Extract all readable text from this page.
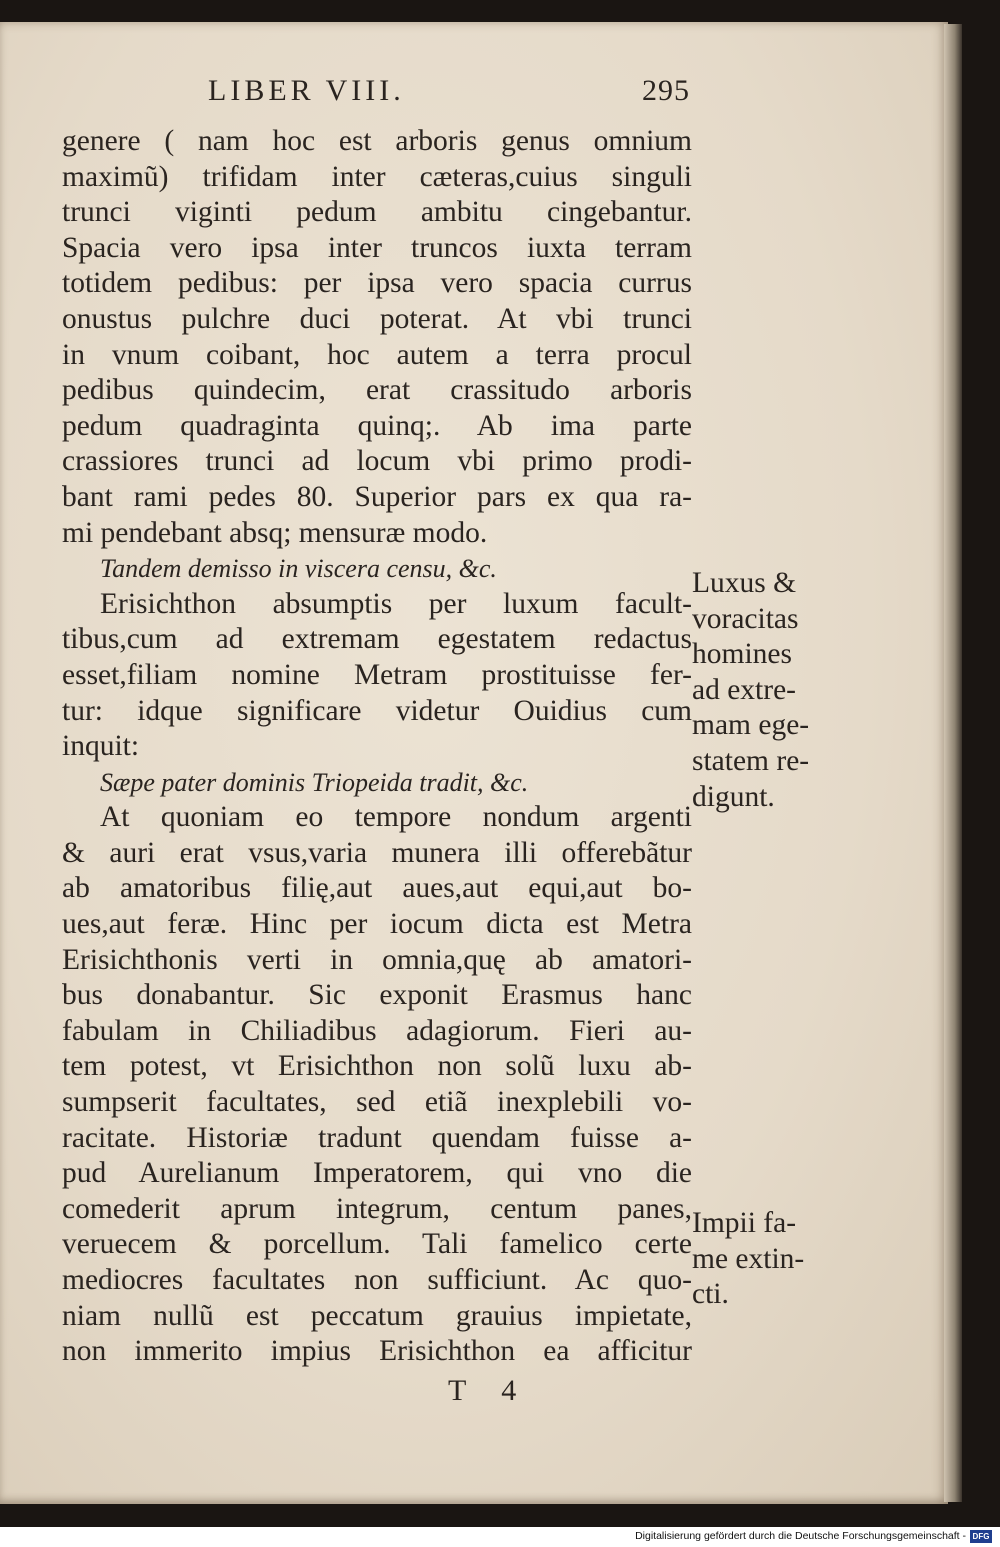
LIBER VIII.	295
genere ( nam hoc est arboris genus omnium
maximũ) trifidam inter cæteras,cuius singuli
trunci viginti pedum ambitu cingebantur.
Spacia vero ipsa inter truncos iuxta terram
totidem pedibus: per ipsa vero spacia currus
onustus pulchre duci poterat. At vbi trunci
in vnum coibant, hoc autem a terra procul
pedibus quindecim, erat crassitudo arboris
pedum quadraginta quinq;. Ab ima parte
crassiores trunci ad locum vbi primo prodi-
bant rami pedes 80. Superior pars ex qua ra-
mi pendebant absq; mensuræ modo.
Tandem demisso in viscera censu, &c.
Erisichthon absumptis per luxum facult-
tibus,cum ad extremam egestatem redactus
esset,filiam nomine Metram prostituisse fer-
tur: idque significare videtur Ouidius cum
inquit:
Sæpe pater dominis Triopeida tradit, &c.
At quoniam eo tempore nondum argenti
& auri erat vsus,varia munera illi offerebãtur
ab amatoribus filię,aut aues,aut equi,aut bo-
ues,aut feræ. Hinc per iocum dicta est Metra
Erisichthonis verti in omnia,quę ab amatori-
bus donabantur. Sic exponit Erasmus hanc
fabulam in Chiliadibus adagiorum. Fieri au-
tem potest, vt Erisichthon non solũ luxu ab-
sumpserit facultates, sed etiã inexplebili vo-
racitate. Historiæ tradunt quendam fuisse a-
pud Aurelianum Imperatorem, qui vno die
comederit aprum integrum, centum panes,
veruecem & porcellum. Tali famelico certe
mediocres facultates non sufficiunt. Ac quo-
niam nullũ est peccatum grauius impietate,
non immerito impius Erisichthon ea afficitur
Luxus &
voracitas
homines
ad extre-
mam ege-
statem re-
digunt.
Impii fa-
me extin-
cti.
T 4
Digitalisierung gefördert durch die Deutsche Forschungsgemeinschaft - DFG
